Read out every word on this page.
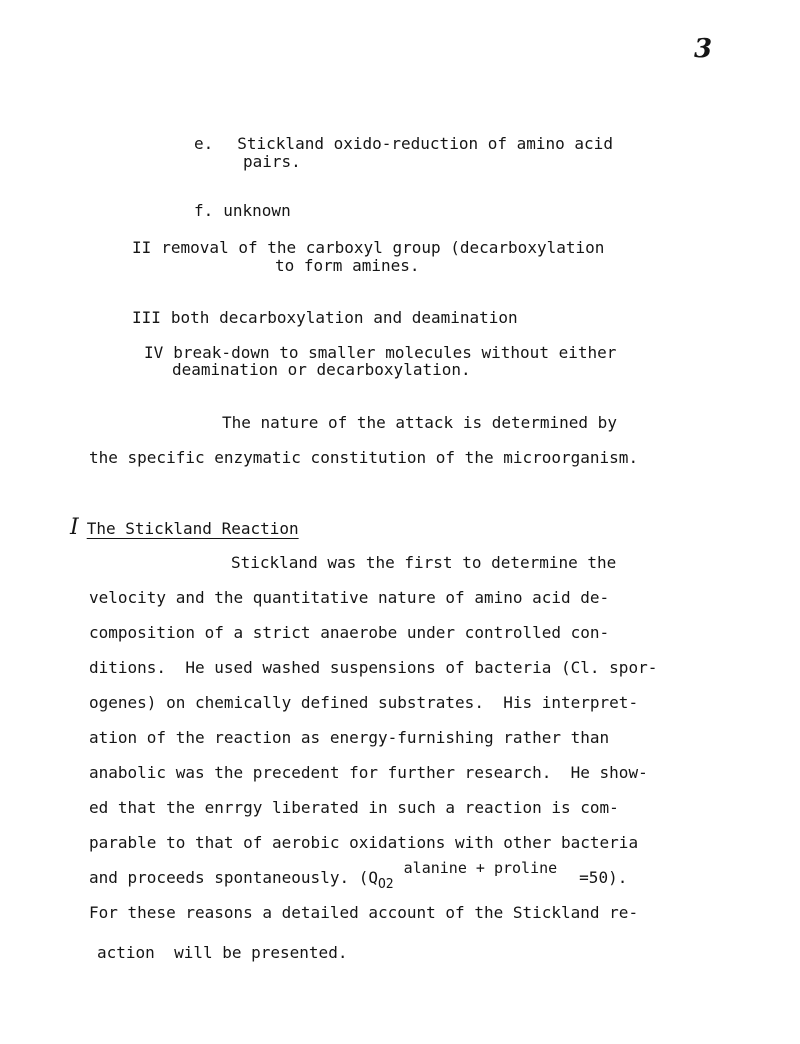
3
e. Stickland oxido-reduction of amino acid
pairs.
f. unknown
II removal of the carboxyl group (decarboxylation
to form amines.
III both decarboxylation and deamination
IV break-down to smaller molecules without either
deamination or decarboxylation.
The nature of the attack is determined by
the specific enzymatic constitution of the microorganism.
I The Stickland Reaction
Stickland was the first to determine the
velocity and the quantitative nature of amino acid de-
composition of a strict anaerobe under controlled con-
ditions.  He used washed suspensions of bacteria (Cl. spor-
ogenes) on chemically defined substrates.  His interpret-
ation of the reaction as energy-furnishing rather than
anabolic was the precedent for further research.  He show-
ed that the enrrgy liberated in such a reaction is com-
parable to that of aerobic oxidations with other bacteria
and proceeds spontaneously. ($Q_{O2}alanine$ + proline =50).
For these reasons a detailed account of the Stickland re-
action  will be presented.
